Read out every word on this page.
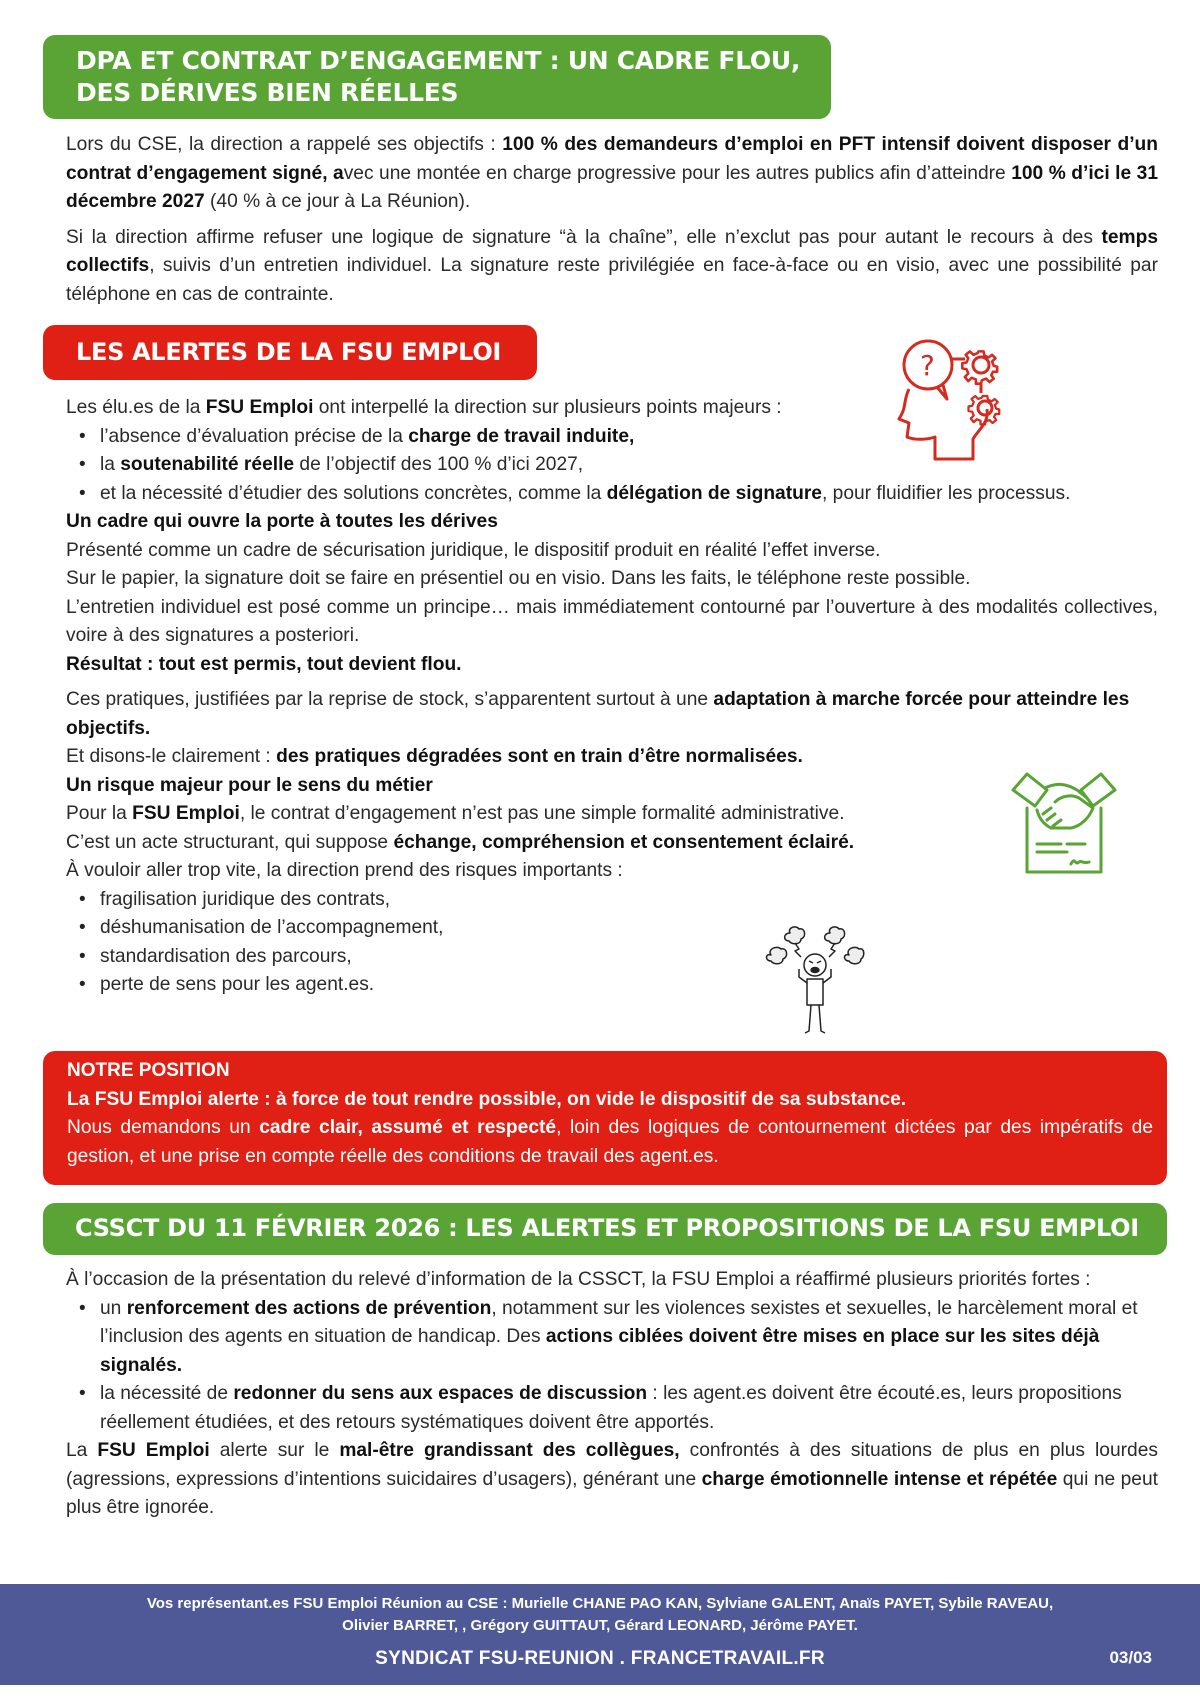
DPA ET CONTRAT D’ENGAGEMENT : UN CADRE FLOU,
DES DÉRIVES BIEN RÉELLES

Lors du CSE, la direction a rappelé ses objectifs : 100 % des demandeurs d’emploi en PFT intensif doivent disposer d’un contrat d’engagement signé, avec une montée en charge progressive pour les autres publics afin d’atteindre 100 % d’ici le 31 décembre 2027 (40 % à ce jour à La Réunion).

Si la direction affirme refuser une logique de signature “à la chaîne”, elle n’exclut pas pour autant le recours à des temps collectifs, suivis d’un entretien individuel. La signature reste privilégiée en face-à-face ou en visio, avec une possibilité par téléphone en cas de contrainte.

LES ALERTES DE LA FSU EMPLOI	?

Les élu.es de la FSU Emploi ont interpellé la direction sur plusieurs points majeurs :

• l’absence d’évaluation précise de la charge de travail induite,
• la soutenabilité réelle de l’objectif des 100 % d’ici 2027,
• et la nécessité d’étudier des solutions concrètes, comme la délégation de signature, pour fluidifier les processus.

Un cadre qui ouvre la porte à toutes les dérives

Présenté comme un cadre de sécurisation juridique, le dispositif produit en réalité l’effet inverse.

Sur le papier, la signature doit se faire en présentiel ou en visio. Dans les faits, le téléphone reste possible.

L’entretien individuel est posé comme un principe… mais immédiatement contourné par l’ouverture à des modalités collectives, voire à des signatures a posteriori.

Résultat : tout est permis, tout devient flou.

Ces pratiques, justifiées par la reprise de stock, s’apparentent surtout à une adaptation à marche forcée pour atteindre les objectifs.

Et disons-le clairement : des pratiques dégradées sont en train d’être normalisées.

Un risque majeur pour le sens du métier

Pour la FSU Emploi, le contrat d’engagement n’est pas une simple formalité administrative.

C’est un acte structurant, qui suppose échange, compréhension et consentement éclairé.

À vouloir aller trop vite, la direction prend des risques importants :

• fragilisation juridique des contrats,
• déshumanisation de l’accompagnement,
• standardisation des parcours,
• perte de sens pour les agent.es.
NOTRE POSITION
La FSU Emploi alerte : à force de tout rendre possible, on vide le dispositif de sa substance.
Nous demandons un cadre clair, assumé et respecté, loin des logiques de contournement dictées par des impératifs de gestion, et une prise en compte réelle des conditions de travail des agent.es.
CSSCT DU 11 FÉVRIER 2026 : LES ALERTES ET PROPOSITIONS DE LA FSU EMPLOI

À l’occasion de la présentation du relevé d’information de la CSSCT, la FSU Emploi a réaffirmé plusieurs priorités fortes :

• un renforcement des actions de prévention, notamment sur les violences sexistes et sexuelles, le harcèlement moral et l’inclusion des agents en situation de handicap. Des actions ciblées doivent être mises en place sur les sites déjà signalés.
• la nécessité de redonner du sens aux espaces de discussion : les agent.es doivent être écouté.es, leurs propositions réellement étudiées, et des retours systématiques doivent être apportés.

La FSU Emploi alerte sur le mal-être grandissant des collègues, confrontés à des situations de plus en plus lourdes (agressions, expressions d’intentions suicidaires d’usagers), générant une charge émotionnelle intense et répétée qui ne peut plus être ignorée.

Vos représentant.es FSU Emploi Réunion au CSE : Murielle CHANE PAO KAN, Sylviane GALENT, Anaïs PAYET, Sybile RAVEAU,
Olivier BARRET, , Grégory GUITTAUT, Gérard LEONARD, Jérôme PAYET.
SYNDICAT FSU-REUNION . FRANCETRAVAIL.FR	03/03
